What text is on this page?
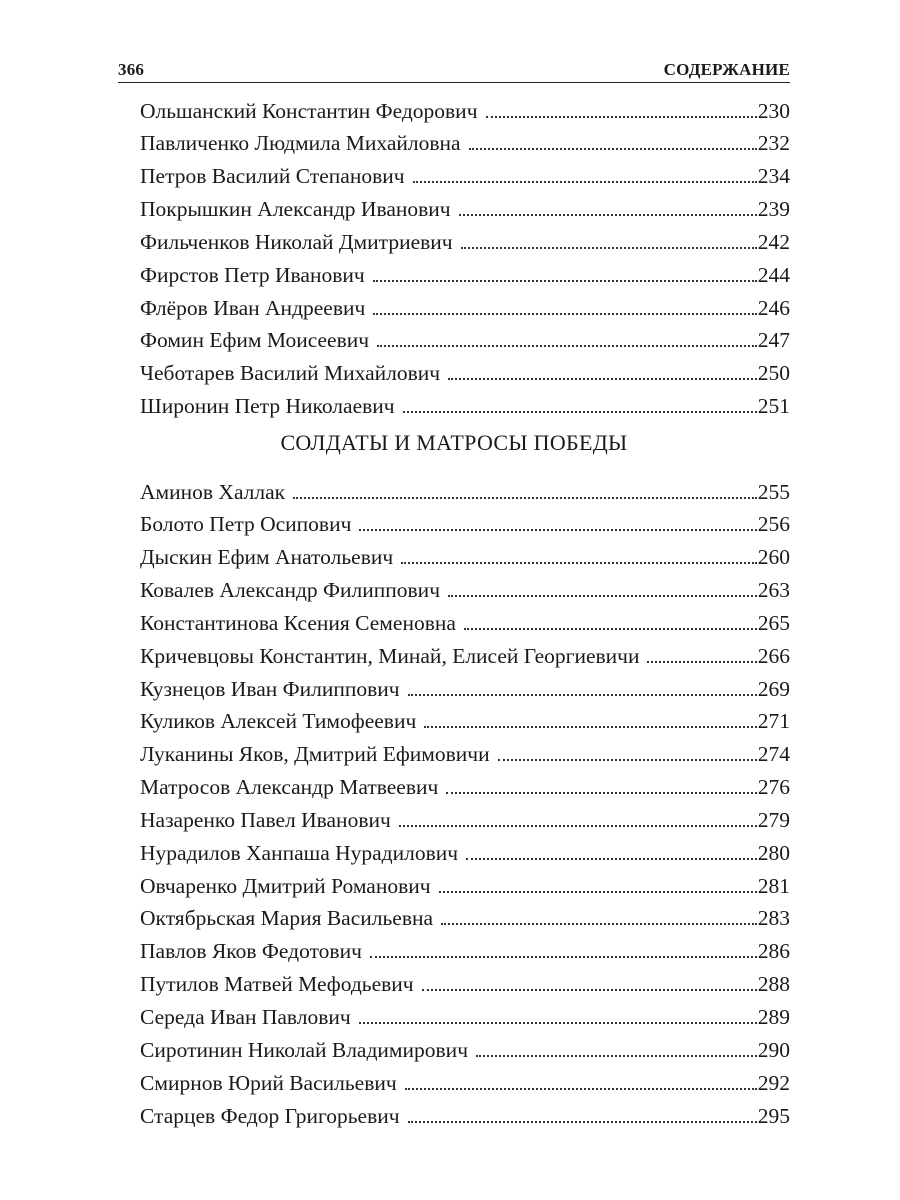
366	СОДЕРЖАНИЕ
Ольшанский Константин Федорович	230
Павличенко Людмила Михайловна	232
Петров Василий Степанович	234
Покрышкин Александр Иванович	239
Фильченков Николай Дмитриевич	242
Фирстов Петр Иванович	244
Флёров Иван Андреевич	246
Фомин Ефим Моисеевич	247
Чеботарев Василий Михайлович	250
Широнин Петр Николаевич	251
СОЛДАТЫ И МАТРОСЫ ПОБЕДЫ
Аминов Халлак	255
Болото Петр Осипович	256
Дыскин Ефим Анатольевич	260
Ковалев Александр Филиппович	263
Константинова Ксения Семеновна	265
Кричевцовы Константин, Минай, Елисей Георгиевичи	266
Кузнецов Иван Филиппович	269
Куликов Алексей Тимофеевич	271
Луканины Яков, Дмитрий Ефимовичи	274
Матросов Александр Матвеевич	276
Назаренко Павел Иванович	279
Нурадилов Ханпаша Нурадилович	280
Овчаренко Дмитрий Романович	281
Октябрьская Мария Васильевна	283
Павлов Яков Федотович	286
Путилов Матвей Мефодьевич	288
Середа Иван Павлович	289
Сиротинин Николай Владимирович	290
Смирнов Юрий Васильевич	292
Старцев Федор Григорьевич	295
